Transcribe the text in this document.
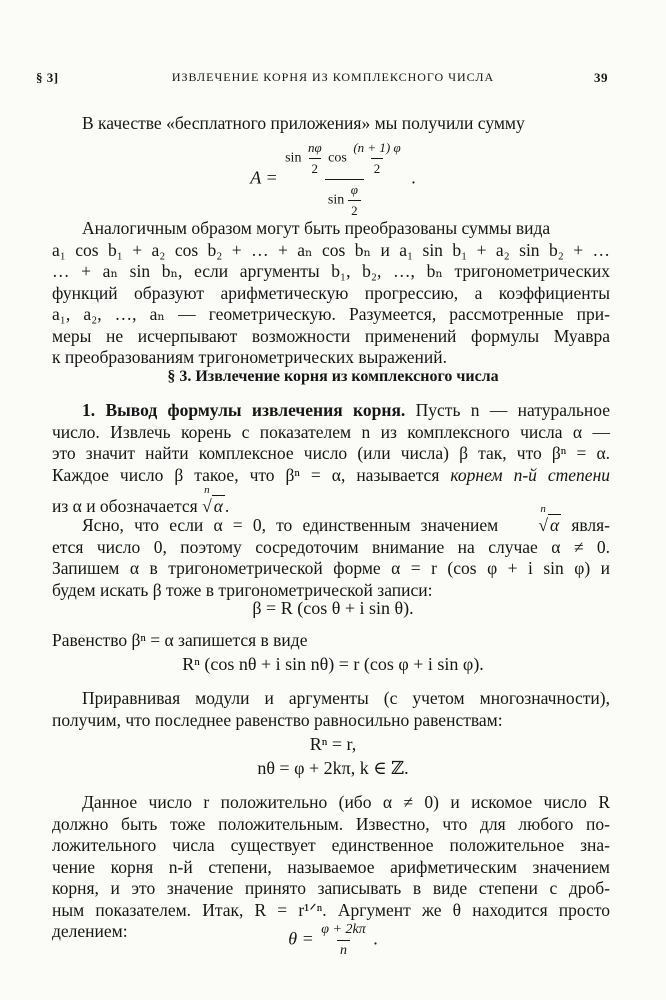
§ 3]	ИЗВЛЕЧЕНИЕ КОРНЯ ИЗ КОМПЛЕКСНОГО ЧИСЛА	39
В качестве «бесплатного приложения» мы получили сумму
$A = \frac{\sin \frac{n\varphi}{2} \cos \frac{(n + 1) \varphi}{2}}{\sin \frac{\varphi}{2}}$ .
Аналогичным образом могут быть преобразованы суммы вида
a₁ cos b₁ + a₂ cos b₂ + … + aₙ cos bₙ и a₁ sin b₁ + a₂ sin b₂ + …
… + aₙ sin bₙ, если аргументы b₁, b₂, …, bₙ тригонометрических
функций образуют арифметическую прогрессию, а коэффициенты
a₁, a₂, …, aₙ — геометрическую. Разумеется, рассмотренные при-
меры не исчерпывают возможности применений формулы Муавра
к преобразованиям тригонометрических выражений.
§ 3. Извлечение корня из комплексного числа
1. Вывод формулы извлечения корня. Пусть n — натуральное
число. Извлечь корень с показателем n из комплексного числа α —
это значит найти комплексное число (или числа) β так, что βⁿ = α.
Каждое число β такое, что βⁿ = α, называется корнем n-й степени
из α и обозначается
n
√ α .
Ясно, что если α = 0, то единственным значением
n
√ α явля-
ется число 0, поэтому сосредоточим внимание на случае α ≠ 0.
Запишем α в тригонометрической форме α = r (cos φ + i sin φ) и
будем искать β тоже в тригонометрической записи:
β = R (cos θ + i sin θ).
Равенство βⁿ = α запишется в виде
Rⁿ (cos nθ + i sin nθ) = r (cos φ + i sin φ).
Приравнивая модули и аргументы (с учетом многозначности),
получим, что последнее равенство равносильно равенствам:
Rⁿ = r,
nθ = φ + 2kπ, k ∈ ℤ.
Данное число r положительно (ибо α ≠ 0) и искомое число R
должно быть тоже положительным. Известно, что для любого по-
ложительного числа существует единственное положительное зна-
чение корня n-й степени, называемое арифметическим значением
корня, и это значение принято записывать в виде степени с дроб-
ным показателем. Итак, R = r¹ᐟⁿ. Аргумент же θ находится просто
делением:	$\theta = \frac{\varphi + 2k\pi}{n}$ .
